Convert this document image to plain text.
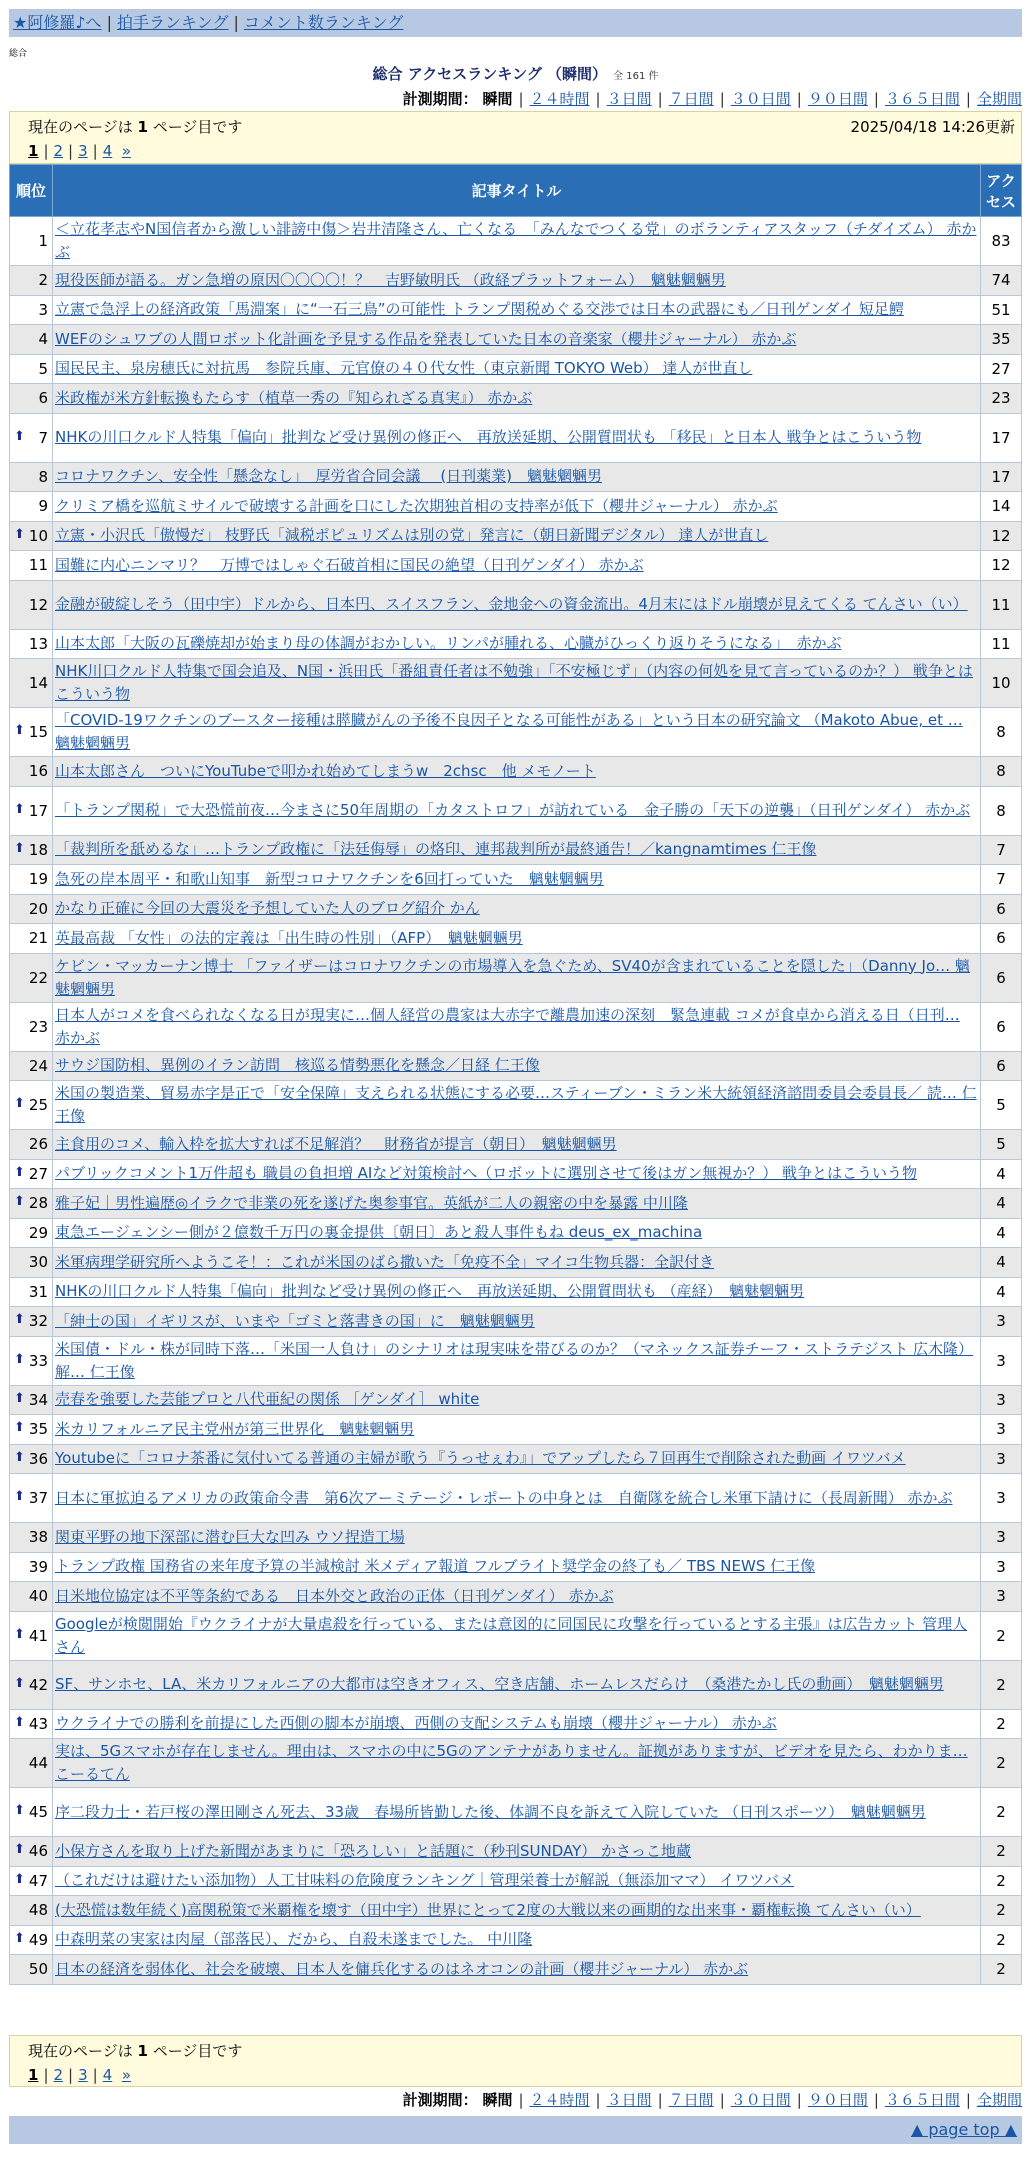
★阿修羅♪へ | 拍手ランキング | コメント数ランキング
総合
総合 アクセスランキング （瞬間） 全 161 件
計測期間： 瞬間 | ２４時間 | ３日間 | ７日間 | ３０日間 | ９０日間 | ３６５日間 | 全期間
現在のページは 1 ページ目です	2025/04/18 14:26更新
1 | 2 | 3 | 4 »
順位	記事タイトル	アクセス
1	＜立花孝志やN国信者から激しい誹謗中傷＞岩井清隆さん、亡くなる　「みんなでつくる党」のボランティアスタッフ（チダイズム） 赤かぶ	83
2	現役医師が語る。ガン急増の原因〇〇〇〇！？　吉野敏明氏 （政経プラットフォーム）　魑魅魍魎男	74
3	立憲で急浮上の経済政策「馬淵案」に“一石三鳥”の可能性 トランプ関税めぐる交渉では日本の武器にも／日刊ゲンダイ 短足鰐	51
4	WEFのシュワブの人間ロボット化計画を予見する作品を発表していた日本の音楽家（櫻井ジャーナル） 赤かぶ	35
5	国民民主、泉房穂氏に対抗馬　参院兵庫、元官僚の４０代女性（東京新聞 TOKYO Web） 達人が世直し	27
6	米政権が米方針転換もたらす（植草一秀の『知られざる真実』） 赤かぶ	23

⬆ 7	NHKの川口クルド人特集「偏向」批判など受け異例の修正へ　再放送延期、公開質問状も 「移民」と日本人 戦争とはこういう物	17
8	コロナワクチン、安全性「懸念なし」　厚労省合同会議　 (日刊薬業)　魑魅魍魎男	17
9	クリミア橋を巡航ミサイルで破壊する計画を口にした次期独首相の支持率が低下（櫻井ジャーナル） 赤かぶ	14

⬆ 10	立憲・小沢氏「傲慢だ」 枝野氏「減税ポピュリズムは別の党」発言に（朝日新聞デジタル） 達人が世直し	12
11	国難に内心ニンマリ？　万博ではしゃぐ石破首相に国民の絶望（日刊ゲンダイ） 赤かぶ	12
12	金融が破綻しそう（田中宇）ドルから、日本円、スイスフラン、金地金への資金流出。4月末にはドル崩壊が見えてくる てんさい（い）	11
13	山本太郎「大阪の瓦礫焼却が始まり母の体調がおかしい。リンパが腫れる、心臓がひっくり返りそうになる」　赤かぶ	11
14	NHK川口クルド人特集で国会追及、N国・浜田氏「番組責任者は不勉強」「不安極じず」（内容の何処を見て言っているのか？） 戦争とはこういう物	10

⬆ 15	「COVID-19ワクチンのブースター接種は膵臓がんの予後不良因子となる可能性がある」という日本の研究論文 （Makoto Abue, et … 魑魅魍魎男	8
16	山本太郎さん　ついにYouTubeで叩かれ始めてしまうw　2chsc　他 メモノート	8

⬆ 17	「トランプ関税」で大恐慌前夜…今まさに50年周期の「カタストロフ」が訪れている　金子勝の「天下の逆襲」（日刊ゲンダイ） 赤かぶ	8

⬆ 18	「裁判所を舐めるな」…トランプ政権に「法廷侮辱」の烙印、連邦裁判所が最終通告！／kangnamtimes 仁王像	7
19	急死の岸本周平・和歌山知事　新型コロナワクチンを6回打っていた　魑魅魍魎男	7
20	かなり正確に今回の大震災を予想していた人のブログ紹介 かん	6
21	英最高裁 「女性」の法的定義は「出生時の性別」（AFP）　魑魅魍魎男	6
22	ケビン・マッカーナン博士 「ファイザーはコロナワクチンの市場導入を急ぐため、SV40が含まれていることを隠した」（Danny Jo… 魑魅魍魎男	6
23	日本人がコメを食べられなくなる日が現実に…個人経営の農家は大赤字で離農加速の深刻　緊急連載 コメが食卓から消える日（日刊… 赤かぶ	6
24	サウジ国防相、異例のイラン訪問　核巡る情勢悪化を懸念／日経 仁王像	6

⬆ 25	米国の製造業、貿易赤字是正で「安全保障」支えられる状態にする必要…スティーブン・ミラン米大統領経済諮問委員会委員長／ 読… 仁王像	5
26	主食用のコメ、輸入枠を拡大すれば不足解消？　財務省が提言（朝日）　魑魅魍魎男	5

⬆ 27	パブリックコメント1万件超も 職員の負担増 AIなど対策検討へ（ロボットに選別させて後はガン無視か？） 戦争とはこういう物	4

⬆ 28	雅子妃｜男性遍歴◎イラクで非業の死を遂げた奥参事官。英紙が二人の親密の中を暴露 中川隆	4
29	東急エージェンシー側が２億数千万円の裏金提供〔朝日〕あと殺人事件もね deus_ex_machina	4
30	米軍病理学研究所へようこそ！：これが米国のばら撒いた「免疫不全」マイコ生物兵器：全訳付き	4
31	NHKの川口クルド人特集「偏向」批判など受け異例の修正へ　再放送延期、公開質問状も （産経）　魑魅魍魎男	4

⬆ 32	「紳士の国」イギリスが、いまや「ゴミと落書きの国」に　魑魅魍魎男	3

⬆ 33	米国債・ドル・株が同時下落…「米国一人負け」のシナリオは現実味を帯びるのか？（マネックス証券チーフ・ストラテジスト 広木隆）解… 仁王像	3

⬆ 34	売春を強要した芸能プロと八代亜紀の関係 ［ゲンダイ］ white	3

⬆ 35	米カリフォルニア民主党州が第三世界化　魑魅魍魎男	3

⬆ 36	Youtubeに「コロナ茶番に気付いてる普通の主婦が歌う『うっせぇわ』」でアップしたら７回再生で削除された動画 イワツバメ	3

⬆ 37	日本に軍拡迫るアメリカの政策命令書　第6次アーミテージ・レポートの中身とは　自衛隊を統合し米軍下請けに（長周新聞） 赤かぶ	3
38	関東平野の地下深部に潜む巨大な凹み ウソ捏造工場	3
39	トランプ政権 国務省の来年度予算の半減検討 米メディア報道 フルブライト奨学金の終了も／ TBS NEWS 仁王像	3
40	日米地位協定は不平等条約である　日本外交と政治の正体（日刊ゲンダイ） 赤かぶ	3

⬆ 41	Googleが検閲開始『ウクライナが大量虐殺を行っている、または意図的に同国民に攻撃を行っているとする主張』は広告カット 管理人さん	2

⬆ 42	SF、サンホセ、LA、米カリフォルニアの大都市は空きオフィス、空き店舗、ホームレスだらけ　（桑港たかし氏の動画）　魑魅魍魎男	2

⬆ 43	ウクライナでの勝利を前提にした西側の脚本が崩壊、西側の支配システムも崩壊（櫻井ジャーナル） 赤かぶ	2
44	実は、5Gスマホが存在しません。理由は、スマホの中に5Gのアンテナがありません。証拠がありますが、ビデオを見たら、わかりま… こーるてん	2

⬆ 45	序二段力士・若戸桜の澤田剛さん死去、33歳　春場所皆勤した後、体調不良を訴えて入院していた （日刊スポーツ）　魑魅魍魎男	2

⬆ 46	小保方さんを取り上げた新聞があまりに「恐ろしい」と話題に（秒刊SUNDAY） かさっこ地蔵	2

⬆ 47	（これだけは避けたい添加物）人工甘味料の危険度ランキング｜管理栄養士が解説（無添加ママ） イワツバメ	2
48	(大恐慌は数年続く)高関税策で米覇権を壊す（田中宇）世界にとって2度の大戦以来の画期的な出来事・覇権転換 てんさい（い）	2

⬆ 49	中森明菜の実家は肉屋（部落民）、だから、自殺未遂までした。 中川隆	2
50	日本の経済を弱体化、社会を破壊、日本人を傭兵化するのはネオコンの計画（櫻井ジャーナル） 赤かぶ	2
現在のページは 1 ページ目です
1 | 2 | 3 | 4 »
計測期間： 瞬間 | ２４時間 | ３日間 | ７日間 | ３０日間 | ９０日間 | ３６５日間 | 全期間
▲ page top ▲
